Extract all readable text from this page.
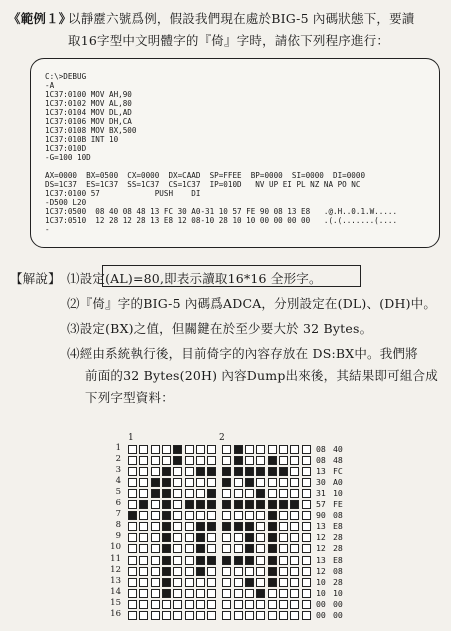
《範例１》
以靜靂六號爲例，假設我們現在處於BIG-5 內碼狀態下，要讀
取16字型中文明體字的『倚』字時，請依下列程序進行：
C:\>DEBUG
-A
1C37:0100 MOV AH,90
1C37:0102 MOV AL,80
1C37:0104 MOV DL,AD
1C37:0106 MOV DH,CA
1C37:0108 MOV BX,500
1C37:010B INT 10
1C37:010D
-G=100 10D

AX=0000  BX=0500  CX=0000  DX=CAAD  SP=FFEE  BP=0000  SI=0000  DI=0000
DS=1C37  ES=1C37  SS=1C37  CS=1C37  IP=010D   NV UP EI PL NZ NA PO NC
1C37:0100 57            PUSH    DI
-D500 L20
1C37:0500  08 40 08 48 13 FC 30 A0-31 10 57 FE 90 08 13 E8   .@.H..0.1.W.....
1C37:0510  12 28 12 28 13 E8 12 08-10 28 10 10 00 00 00 00   .(.(.......(....
-
【解說】 ⑴設定(AL)=80,即表示讀取16*16 全形字。
⑵『倚』字的BIG-5 內碼爲ADCA，分別設定在(DL)、(DH)中。
⑶設定(BX)之值，但關鍵在於至少要大於 32 Bytes。
⑷經由系統執行後，目前倚字的內容存放在 DS:BX中。我們將
前面的32 Bytes(20H) 內容Dump出來後，其結果即可組合成
下列字型資料：
1	2
1
2
3
4
5
6
7
8
9
10
11
12
13
14
15
16
08 40
08 48
13 FC
30 A0
31 10
57 FE
90 08
13 E8
12 28
12 28
13 E8
12 08
10 28
10 10
00 00
00 00
